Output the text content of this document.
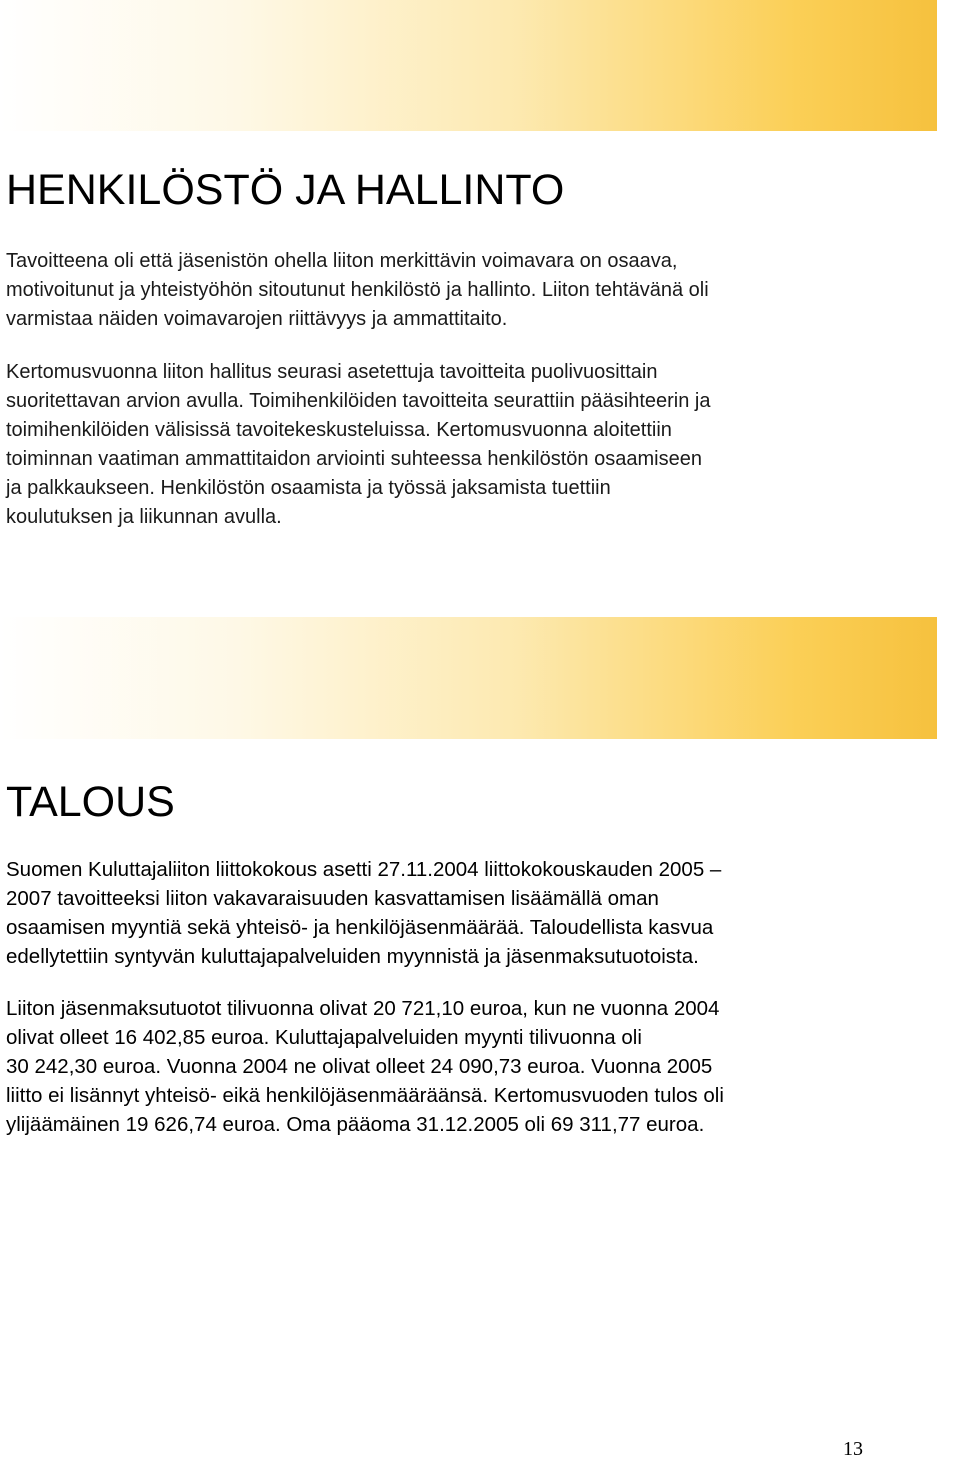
HENKILÖSTÖ JA HALLINTO

Tavoitteena oli että jäsenistön ohella liiton merkittävin voimavara on osaava,
motivoitunut ja yhteistyöhön sitoutunut henkilöstö ja hallinto. Liiton tehtävänä oli
varmistaa näiden voimavarojen riittävyys ja ammattitaito.

Kertomusvuonna liiton hallitus seurasi asetettuja tavoitteita puolivuosittain
suoritettavan arvion avulla. Toimihenkilöiden tavoitteita seurattiin pääsihteerin ja
toimihenkilöiden välisissä tavoitekeskusteluissa. Kertomusvuonna aloitettiin
toiminnan vaatiman ammattitaidon arviointi suhteessa henkilöstön osaamiseen
ja palkkaukseen. Henkilöstön osaamista ja työssä jaksamista tuettiin
koulutuksen ja liikunnan avulla.

TALOUS

Suomen Kuluttajaliiton liittokokous asetti 27.11.2004 liittokokouskauden 2005 –
2007 tavoitteeksi liiton vakavaraisuuden kasvattamisen lisäämällä oman
osaamisen myyntiä sekä yhteisö- ja henkilöjäsenmäärää. Taloudellista kasvua
edellytettiin syntyvän kuluttajapalveluiden myynnistä ja jäsenmaksutuotoista.

Liiton jäsenmaksutuotot tilivuonna olivat 20 721,10 euroa, kun ne vuonna 2004
olivat olleet 16 402,85 euroa. Kuluttajapalveluiden myynti tilivuonna oli
30 242,30 euroa. Vuonna 2004 ne olivat olleet 24 090,73 euroa. Vuonna 2005
liitto ei lisännyt yhteisö- eikä henkilöjäsenmääräänsä. Kertomusvuoden tulos oli
ylijäämäinen 19 626,74 euroa. Oma pääoma 31.12.2005 oli 69 311,77 euroa.

13
